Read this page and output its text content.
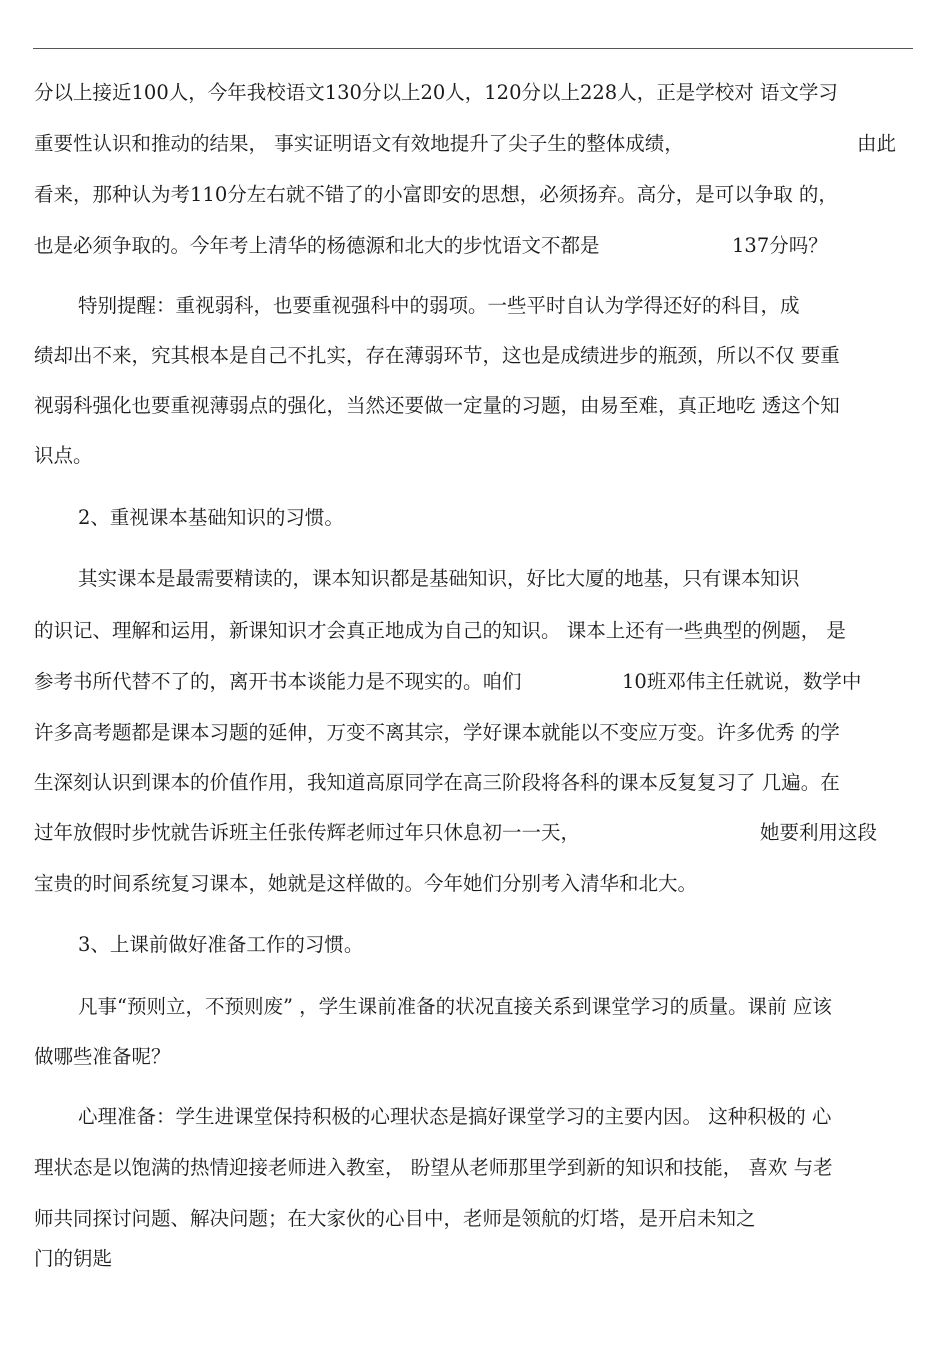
分以上接近100人，今年我校语文130分以上20人，120分以上228人，正是学校对 语文学习
重要性认识和推动的结果， 事实证明语文有效地提升了尖子生的整体成绩，	由此
看来，那种认为考110分左右就不错了的小富即安的思想，必须扬弃。高分，是可以争取 的，
也是必须争取的。今年考上清华的杨德源和北大的步忱语文不都是	137分吗？
特别提醒：重视弱科，也要重视强科中的弱项。一些平时自认为学得还好的科目，成
绩却出不来，究其根本是自己不扎实，存在薄弱环节，这也是成绩进步的瓶颈，所以不仅 要重
视弱科强化也要重视薄弱点的强化，当然还要做一定量的习题，由易至难，真正地吃 透这个知
识点。
2、重视课本基础知识的习惯。
其实课本是最需要精读的，课本知识都是基础知识，好比大厦的地基，只有课本知识
的识记、理解和运用，新课知识才会真正地成为自己的知识。 课本上还有一些典型的例题， 是
参考书所代替不了的，离开书本谈能力是不现实的。咱们	10班邓伟主任就说，数学中
许多高考题都是课本习题的延伸，万变不离其宗，学好课本就能以不变应万变。许多优秀 的学
生深刻认识到课本的价值作用，我知道高原同学在高三阶段将各科的课本反复复习了 几遍。在
过年放假时步忱就告诉班主任张传辉老师过年只休息初一一天，	她要利用这段
宝贵的时间系统复习课本，她就是这样做的。今年她们分别考入清华和北大。
3、上课前做好准备工作的习惯。
凡事“预则立，不预则废” ，学生课前准备的状况直接关系到课堂学习的质量。课前 应该
做哪些准备呢？
心理准备：学生进课堂保持积极的心理状态是搞好课堂学习的主要内因。 这种积极的 心
理状态是以饱满的热情迎接老师进入教室， 盼望从老师那里学到新的知识和技能， 喜欢 与老
师共同探讨问题、解决问题；在大家伙的心目中，老师是领航的灯塔，是开启未知之
门的钥匙
